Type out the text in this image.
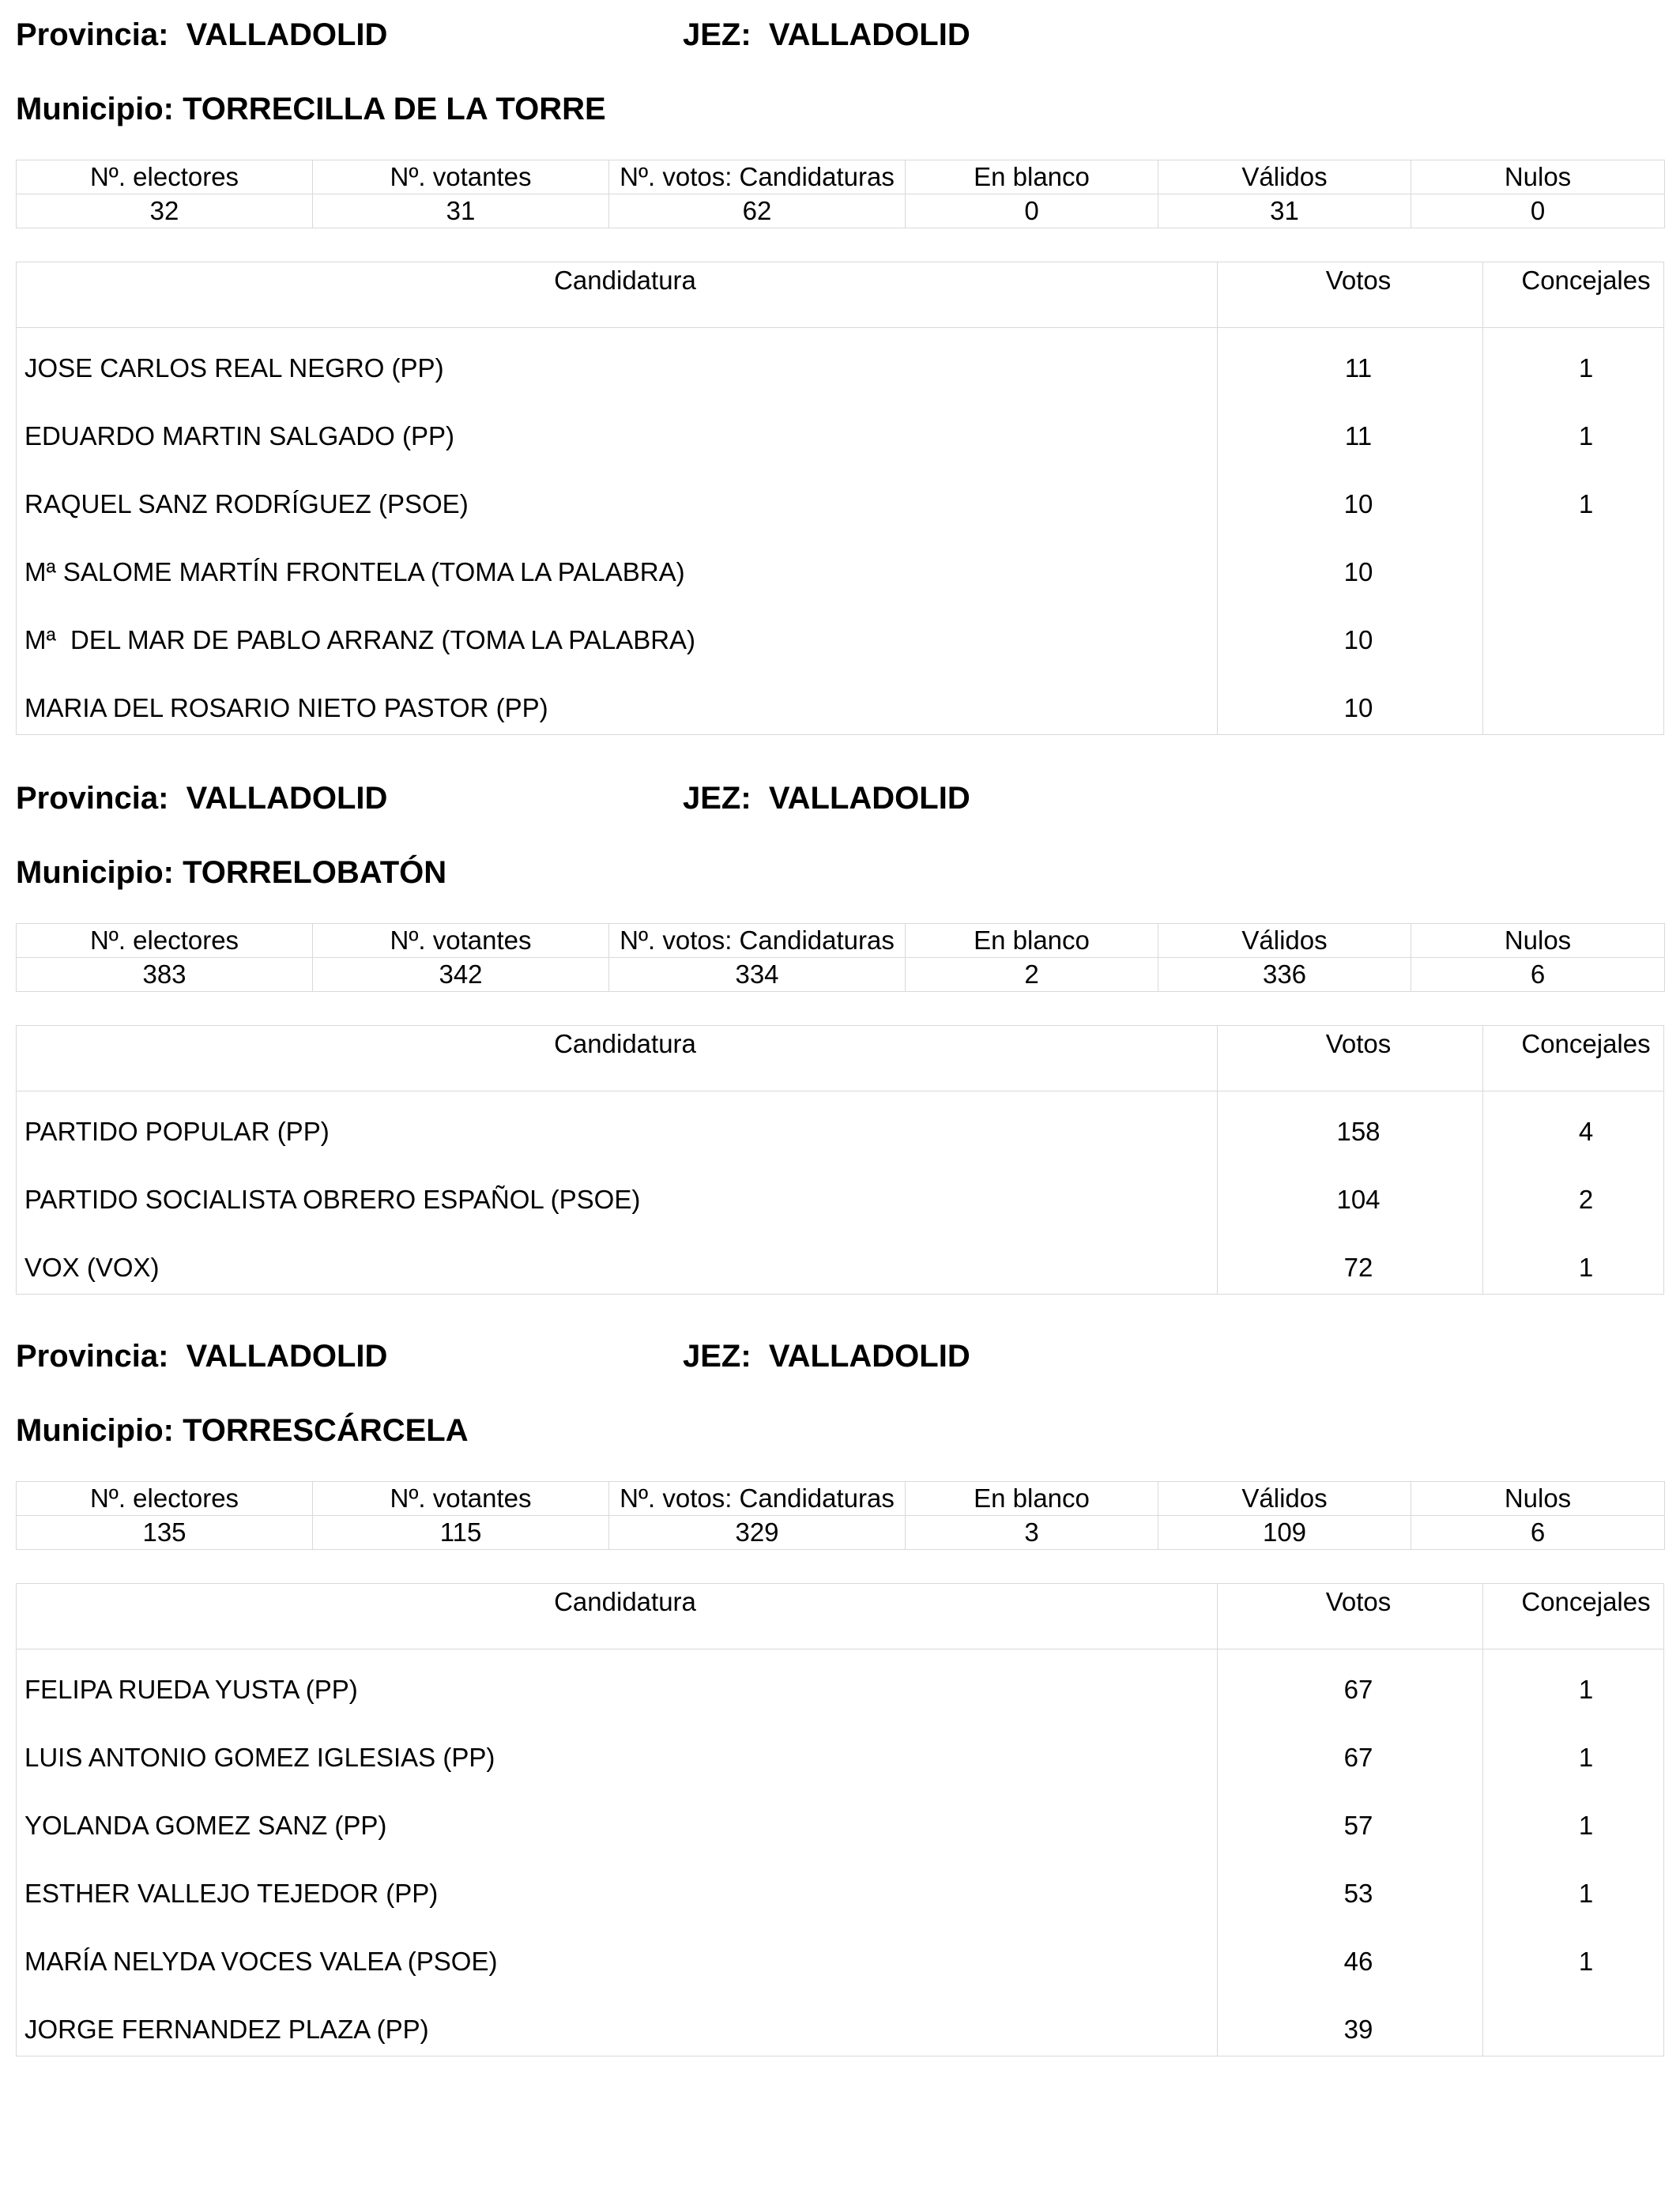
Provincia: VALLADOLID	JEZ: VALLADOLID
Municipio: TORRECILLA DE LA TORRE
Nº. electores	Nº. votantes	Nº. votos: Candidaturas	En blanco	Válidos	Nulos
32	31	62	0	31	0
Candidatura	Votos	Concejales
JOSE CARLOS REAL NEGRO (PP)	11	1
EDUARDO MARTIN SALGADO (PP)	11	1
RAQUEL SANZ RODRÍGUEZ (PSOE)	10	1
Mª SALOME MARTÍN FRONTELA (TOMA LA PALABRA)	10
Mª  DEL MAR DE PABLO ARRANZ (TOMA LA PALABRA)	10
MARIA DEL ROSARIO NIETO PASTOR (PP)	10
Provincia: VALLADOLID	JEZ: VALLADOLID
Municipio: TORRELOBATÓN
Nº. electores	Nº. votantes	Nº. votos: Candidaturas	En blanco	Válidos	Nulos
383	342	334	2	336	6
Candidatura	Votos	Concejales
PARTIDO POPULAR (PP)	158	4
PARTIDO SOCIALISTA OBRERO ESPAÑOL (PSOE)	104	2
VOX (VOX)	72	1
Provincia: VALLADOLID	JEZ: VALLADOLID
Municipio: TORRESCÁRCELA
Nº. electores	Nº. votantes	Nº. votos: Candidaturas	En blanco	Válidos	Nulos
135	115	329	3	109	6
Candidatura	Votos	Concejales
FELIPA RUEDA YUSTA (PP)	67	1
LUIS ANTONIO GOMEZ IGLESIAS (PP)	67	1
YOLANDA GOMEZ SANZ (PP)	57	1
ESTHER VALLEJO TEJEDOR (PP)	53	1
MARÍA NELYDA VOCES VALEA (PSOE)	46	1
JORGE FERNANDEZ PLAZA (PP)	39
